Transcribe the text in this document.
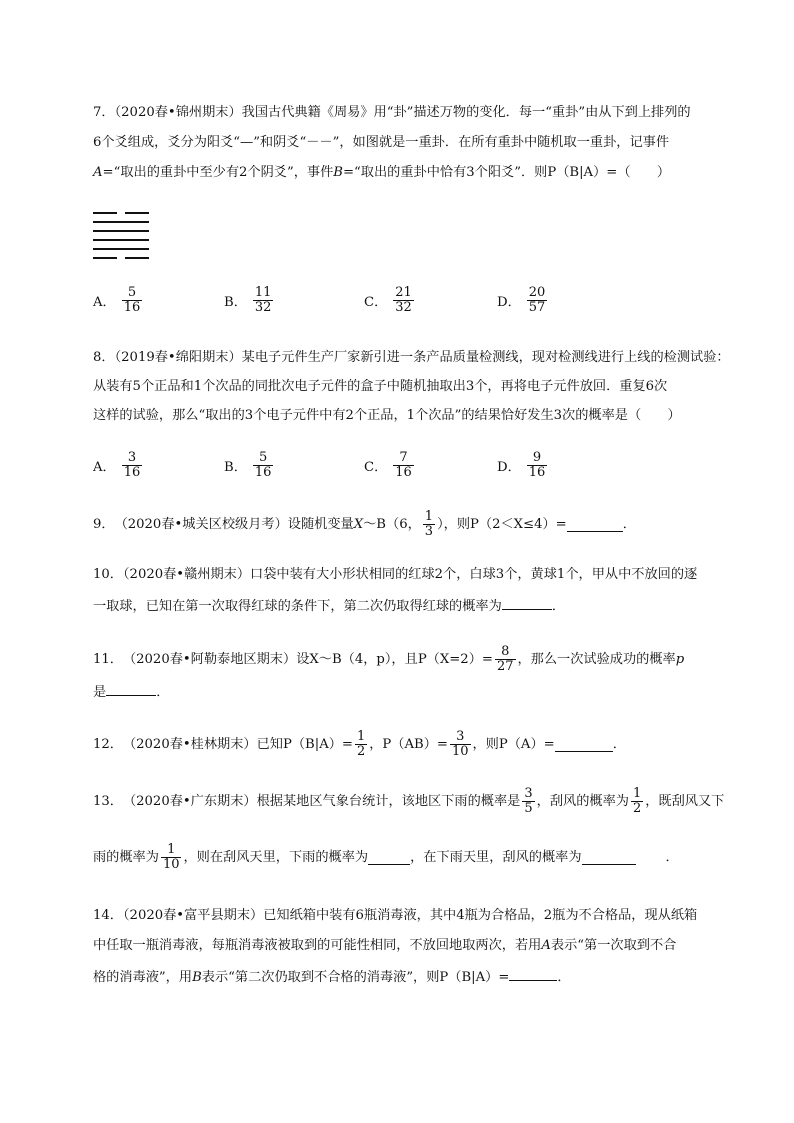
7．（2020春•锦州期末）我国古代典籍《周易》用“卦”描述万物的变化．每一“重卦”由从下到上排列的
6个爻组成，爻分为阳爻“—”和阴爻“－－”，如图就是一重卦．在所有重卦中随机取一重卦，记事件
A=“取出的重卦中至少有2个阴爻”，事件B=“取出的重卦中恰有3个阳爻”．则P（B|A）=（　　）
A． $\frac{5}{16}$	B． $\frac{11}{32}$	C． $\frac{21}{32}$	D． $\frac{20}{57}$
8．（2019春•绵阳期末）某电子元件生产厂家新引进一条产品质量检测线，现对检测线进行上线的检测试验：
从装有5个正品和1个次品的同批次电子元件的盒子中随机抽取出3个，再将电子元件放回．重复6次
这样的试验，那么“取出的3个电子元件中有2个正品，1个次品”的结果恰好发生3次的概率是（　　）
A． $\frac{3}{16}$	B． $\frac{5}{16}$	C． $\frac{7}{16}$	D． $\frac{9}{16}$
9． （2020春•城关区校级月考） 设随机变量 X ～B（6， $\frac{1}{3}$ ），则 P（2＜X≤4）=	．
10．（2020春•赣州期末）口袋中装有大小形状相同的红球2个，白球3个，黄球1个，甲从中不放回的逐
一取球，已知在第一次取得红球的条件下，第二次仍取得红球的概率为	．
11． （2020春•阿勒泰地区期末） 设 X～B（4，p），且 $P(X=2)= \frac{8}{27}$ ，那么一次试验成功的概率 p
是	．
12． （2020春•桂林期末） 已知 $P(B|A)= \frac{1}{2}$ ，$P(AB)= \frac{3}{10}$ ，则P（A）=	．
13． （2020春•广东期末） 根据某地区气象台统计，该地区下雨的概率是 $\frac{3}{5}$ ，刮风的概率为 $\frac{1}{2}$ ，既刮风又下
雨的概率为 $\frac{1}{10}$ ，则在刮风天里，下雨的概率为	，在下雨天里，刮风的概率为	．
14．（2020春•富平县期末）已知纸箱中装有6瓶消毒液，其中4瓶为合格品，2瓶为不合格品，现从纸箱
中任取一瓶消毒液，每瓶消毒液被取到的可能性相同，不放回地取两次，若用A表示“第一次取到不合
格的消毒液”，用B表示“第二次仍取到不合格的消毒液”，则P（B|A）=	．
